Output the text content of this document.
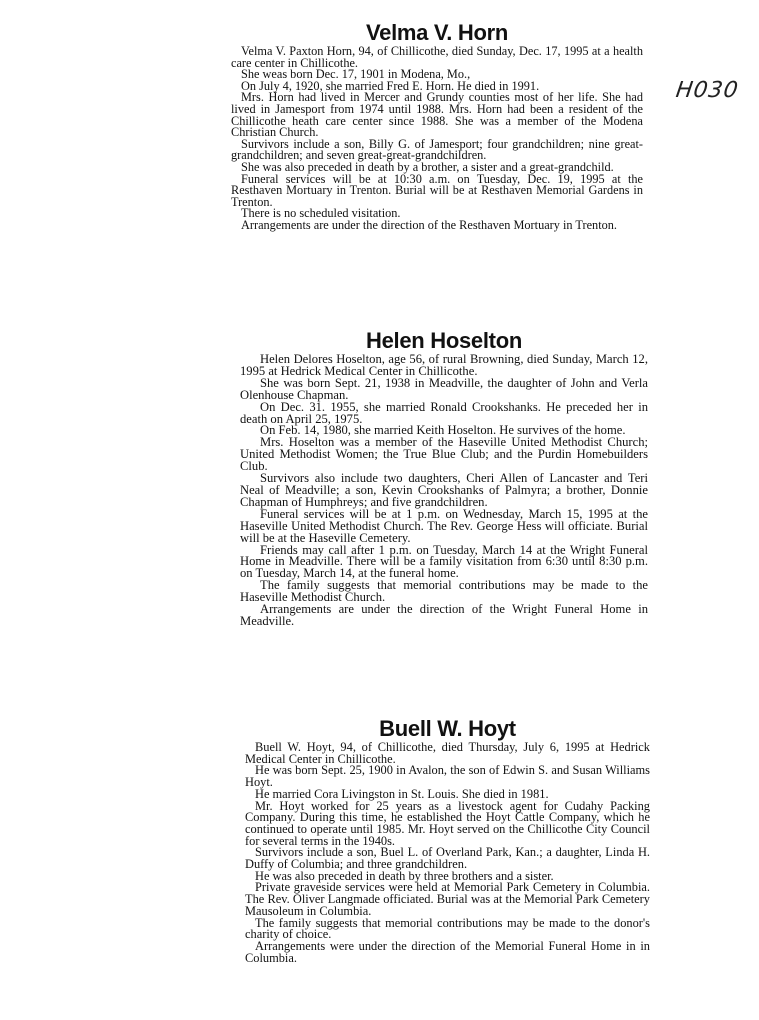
H030
Velma V. Horn

Velma V. Paxton Horn, 94, of Chillicothe, died Sunday, Dec. 17, 1995 at a health care center in Chillicothe.

She weas born Dec. 17, 1901 in Modena, Mo.,

On July 4, 1920, she married Fred E. Horn. He died in 1991.

Mrs. Horn had lived in Mercer and Grundy counties most of her life. She had lived in Jamesport from 1974 until 1988. Mrs. Horn had been a resident of the Chillicothe heath care center since 1988. She was a member of the Modena Christian Church.

Survivors include a son, Billy G. of Jamesport; four grandchildren; nine great-grandchildren; and seven great-great-grandchildren.

She was also preceded in death by a brother, a sister and a great-grandchild.

Funeral services will be at 10:30 a.m. on Tuesday, Dec. 19, 1995 at the Resthaven Mortuary in Trenton. Burial will be at Resthaven Memorial Gardens in Trenton.

There is no scheduled visitation.

Arrangements are under the direction of the Resthaven Mortuary in Trenton.

Helen Hoselton

Helen Delores Hoselton, age 56, of rural Browning, died Sunday, March 12, 1995 at Hedrick Medical Center in Chillicothe.

She was born Sept. 21, 1938 in Meadville, the daughter of John and Verla Olenhouse Chapman.

On Dec. 31. 1955, she married Ronald Crookshanks. He preceded her in death on April 25, 1975.

On Feb. 14, 1980, she married Keith Hoselton. He survives of the home.

Mrs. Hoselton was a member of the Haseville United Methodist Church; United Methodist Women; the True Blue Club; and the Purdin Homebuilders Club.

Survivors also include two daughters, Cheri Allen of Lancaster and Teri Neal of Meadville; a son, Kevin Crookshanks of Palmyra; a brother, Donnie Chapman of Humphreys; and five grandchildren.

Funeral services will be at 1 p.m. on Wednesday, March 15, 1995 at the Haseville United Methodist Church. The Rev. George Hess will officiate. Burial will be at the Haseville Cemetery.

Friends may call after 1 p.m. on Tuesday, March 14 at the Wright Funeral Home in Meadville. There will be a family visitation from 6:30 until 8:30 p.m. on Tuesday, March 14, at the funeral home.

The family suggests that memorial contributions may be made to the Haseville Methodist Church.

Arrangements are under the direction of the Wright Funeral Home in Meadville.

Buell W. Hoyt

Buell W. Hoyt, 94, of Chillicothe, died Thursday, July 6, 1995 at Hedrick Medical Center in Chillicothe.

He was born Sept. 25, 1900 in Avalon, the son of Edwin S. and Susan Williams Hoyt.

He married Cora Livingston in St. Louis. She died in 1981.

Mr. Hoyt worked for 25 years as a livestock agent for Cudahy Packing Company. During this time, he established the Hoyt Cattle Company, which he continued to operate until 1985. Mr. Hoyt served on the Chillicothe City Council for several terms in the 1940s.

Survivors include a son, Buel L. of Overland Park, Kan.; a daughter, Linda H. Duffy of Columbia; and three grandchildren.

He was also preceded in death by three brothers and a sister.

Private graveside services were held at Memorial Park Cemetery in Columbia. The Rev. Oliver Langmade officiated. Burial was at the Memorial Park Cemetery Mausoleum in Columbia.

The family suggests that memorial contributions may be made to the donor's charity of choice.

Arrangements were under the direction of the Memorial Funeral Home in in Columbia.
